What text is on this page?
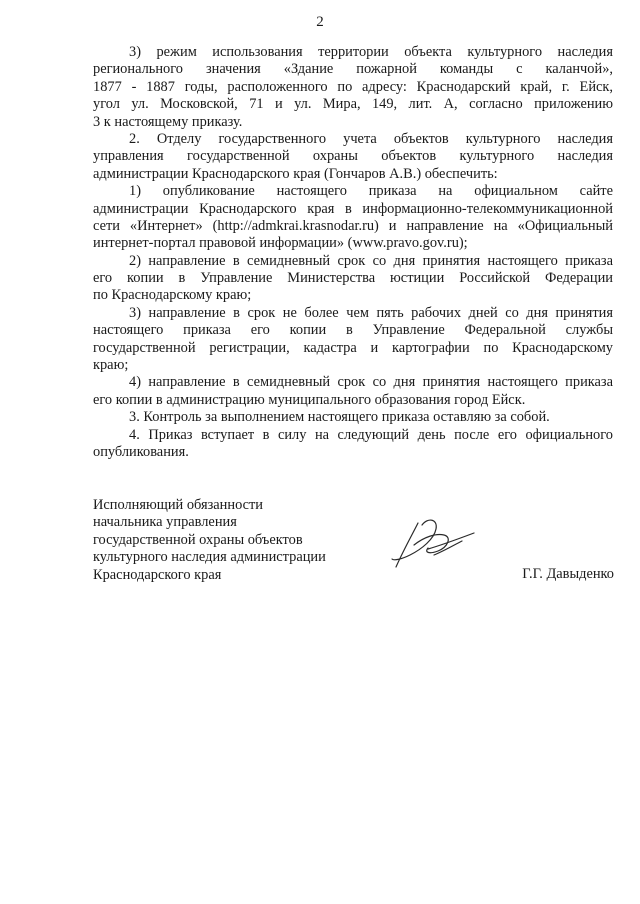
2
3) режим использования территории объекта культурного наследия
регионального значения «Здание пожарной команды с каланчой»,
1877 - 1887 годы, расположенного по адресу: Краснодарский край, г. Ейск,
угол ул. Московской, 71 и ул. Мира, 149, лит. А, согласно приложению
3 к настоящему приказу.
2. Отделу государственного учета объектов культурного наследия
управления государственной охраны объектов культурного наследия
администрации Краснодарского края (Гончаров А.В.) обеспечить:
1) опубликование настоящего приказа на официальном сайте
администрации Краснодарского края в информационно-телекоммуникационной
сети «Интернет» (http://admkrai.krasnodar.ru) и направление на «Официальный
интернет-портал правовой информации» (www.pravo.gov.ru);
2) направление в семидневный срок со дня принятия настоящего приказа
его копии в Управление Министерства юстиции Российской Федерации
по Краснодарскому краю;
3) направление в срок не более чем пять рабочих дней со дня принятия
настоящего приказа его копии в Управление Федеральной службы
государственной регистрации, кадастра и картографии по Краснодарскому
краю;
4) направление в семидневный срок со дня принятия настоящего приказа
его копии в администрацию муниципального образования город Ейск.
3. Контроль за выполнением настоящего приказа оставляю за собой.
4. Приказ вступает в силу на следующий день после его официального
опубликования.
Исполняющий обязанности
начальника управления
государственной охраны объектов
культурного наследия администрации
Краснодарского края	Г.Г. Давыденко
